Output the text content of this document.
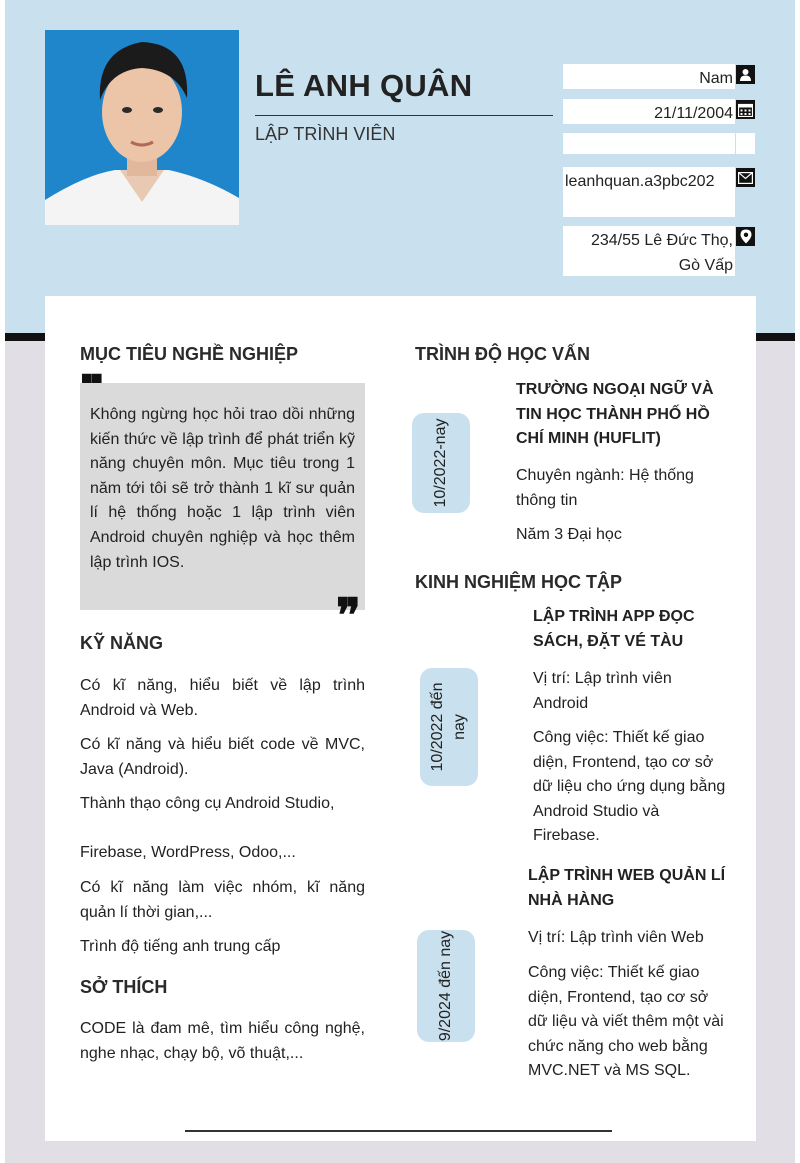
LÊ ANH QUÂN
LẬP TRÌNH VIÊN
Nam
21/11/2004
leanhquan.a3pbc202
234/55 Lê Đức Thọ,
Gò Vấp
MỤC TIÊU NGHỀ NGHIỆP
Không ngừng học hỏi trao dồi những kiến thức về lập trình để phát triển kỹ năng chuyên môn. Mục tiêu trong 1 năm tới tôi sẽ trở thành 1 kĩ sư quản lí hệ thống hoặc 1 lập trình viên Android chuyên nghiệp và học thêm lập trình IOS.
❞
KỸ NĂNG
Có kĩ năng, hiểu biết về lập trình Android và Web.
Có kĩ năng và hiểu biết code về MVC, Java (Android).
Thành thạo công cụ Android Studio,
Firebase, WordPress, Odoo,...
Có kĩ năng làm việc nhóm, kĩ năng quản lí thời gian,...
Trình độ tiếng anh trung cấp
SỞ THÍCH
CODE là đam mê, tìm hiểu công nghệ, nghe nhạc, chạy bộ, võ thuật,...
TRÌNH ĐỘ HỌC VẤN
10/2022-nay
TRƯỜNG NGOẠI NGỮ VÀ TIN HỌC THÀNH PHỐ HỒ CHÍ MINH (HUFLIT)
Chuyên ngành: Hệ thống thông tin
Năm 3 Đại học
KINH NGHIỆM HỌC TẬP
10/2022 đến nay
LẬP TRÌNH APP ĐỌC SÁCH, ĐẶT VÉ TÀU
Vị trí: Lập trình viên Android
Công việc: Thiết kế giao diện, Frontend, tạo cơ sở dữ liệu cho ứng dụng bằng Android Studio và Firebase.
9/2024 đến nay
LẬP TRÌNH WEB QUẢN LÍ NHÀ HÀNG
Vị trí: Lập trình viên Web
Công việc: Thiết kế giao diện, Frontend, tạo cơ sở dữ liệu và viết thêm một vài chức năng cho web bằng MVC.NET và MS SQL.
